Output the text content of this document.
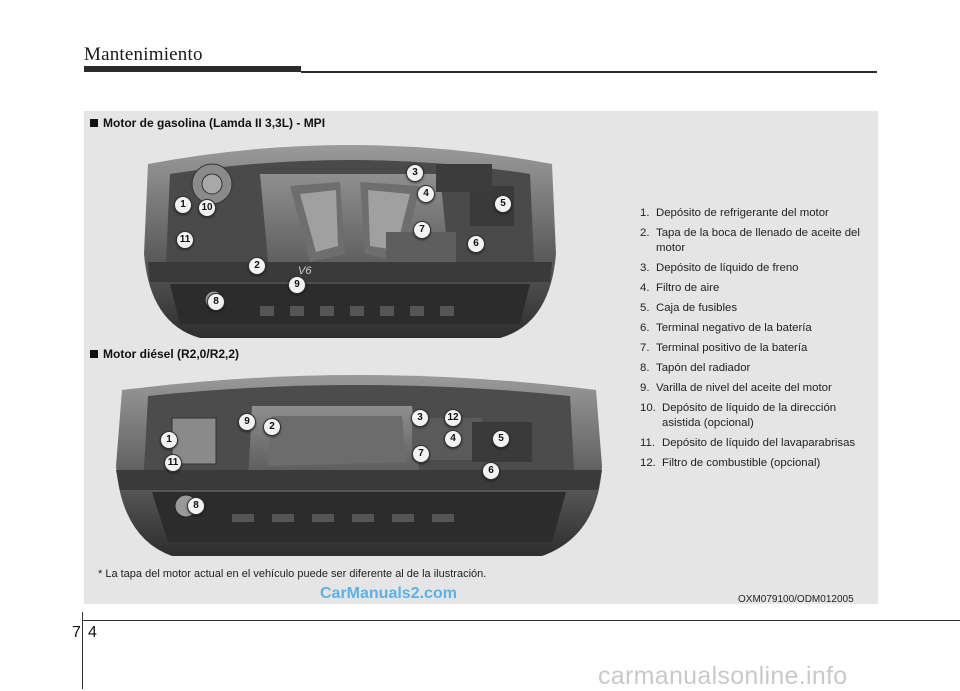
Mantenimiento
Motor de gasolina (Lamda II 3,3L) - MPI
V6
3
4
1	10	5
11
7
6
2
9
8
Motor diésel (R2,0/R2,2)
3	12
9	2
1	4	5
7
11
6
8
1. Depósito de refrigerante del motor
2. Tapa de la boca de llenado de aceite del motor
3. Depósito de líquido de freno
4. Filtro de aire
5. Caja de fusibles
6. Terminal negativo de la batería
7. Terminal positivo de la batería
8. Tapón del radiador
9. Varilla de nivel del aceite del motor
10. Depósito de líquido de la dirección asistida (opcional)
11. Depósito de líquido del lavaparabrisas
12. Filtro de combustible (opcional)
* La tapa del motor actual en el vehículo puede ser diferente al de la ilustración.
OXM079100/ODM012005
CarManuals2.com
7 4
carmanualsonline.info
